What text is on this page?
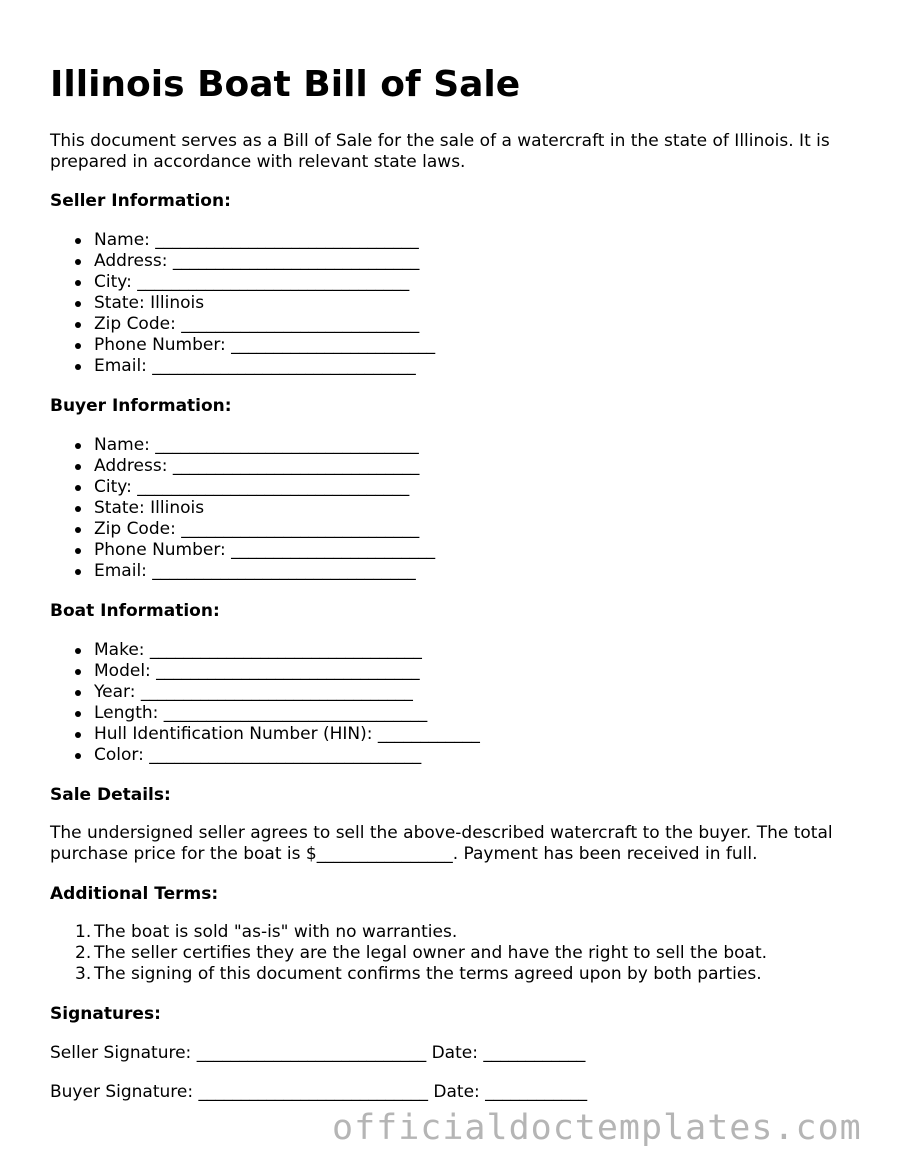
Illinois Boat Bill of Sale

This document serves as a Bill of Sale for the sale of a watercraft in the state of Illinois. It is prepared in accordance with relevant state laws.

Seller Information:
Name: _______________________________
Address: _____________________________
City: ________________________________
State: Illinois
Zip Code: ____________________________
Phone Number: ________________________
Email: _______________________________
Buyer Information:
Name: _______________________________
Address: _____________________________
City: ________________________________
State: Illinois
Zip Code: ____________________________
Phone Number: ________________________
Email: _______________________________
Boat Information:
Make: ________________________________
Model: _______________________________
Year: ________________________________
Length: _______________________________
Hull Identification Number (HIN): ____________
Color: ________________________________
Sale Details:

The undersigned seller agrees to sell the above-described watercraft to the buyer. The total purchase price for the boat is $________________. Payment has been received in full.

Additional Terms:
1. The boat is sold "as-is" with no warranties.
2. The seller certifies they are the legal owner and have the right to sell the boat.
3. The signing of this document confirms the terms agreed upon by both parties.
Signatures:
Seller Signature: ___________________________ Date: ____________
Buyer Signature: ___________________________ Date: ____________
officialdoctemplates.com
